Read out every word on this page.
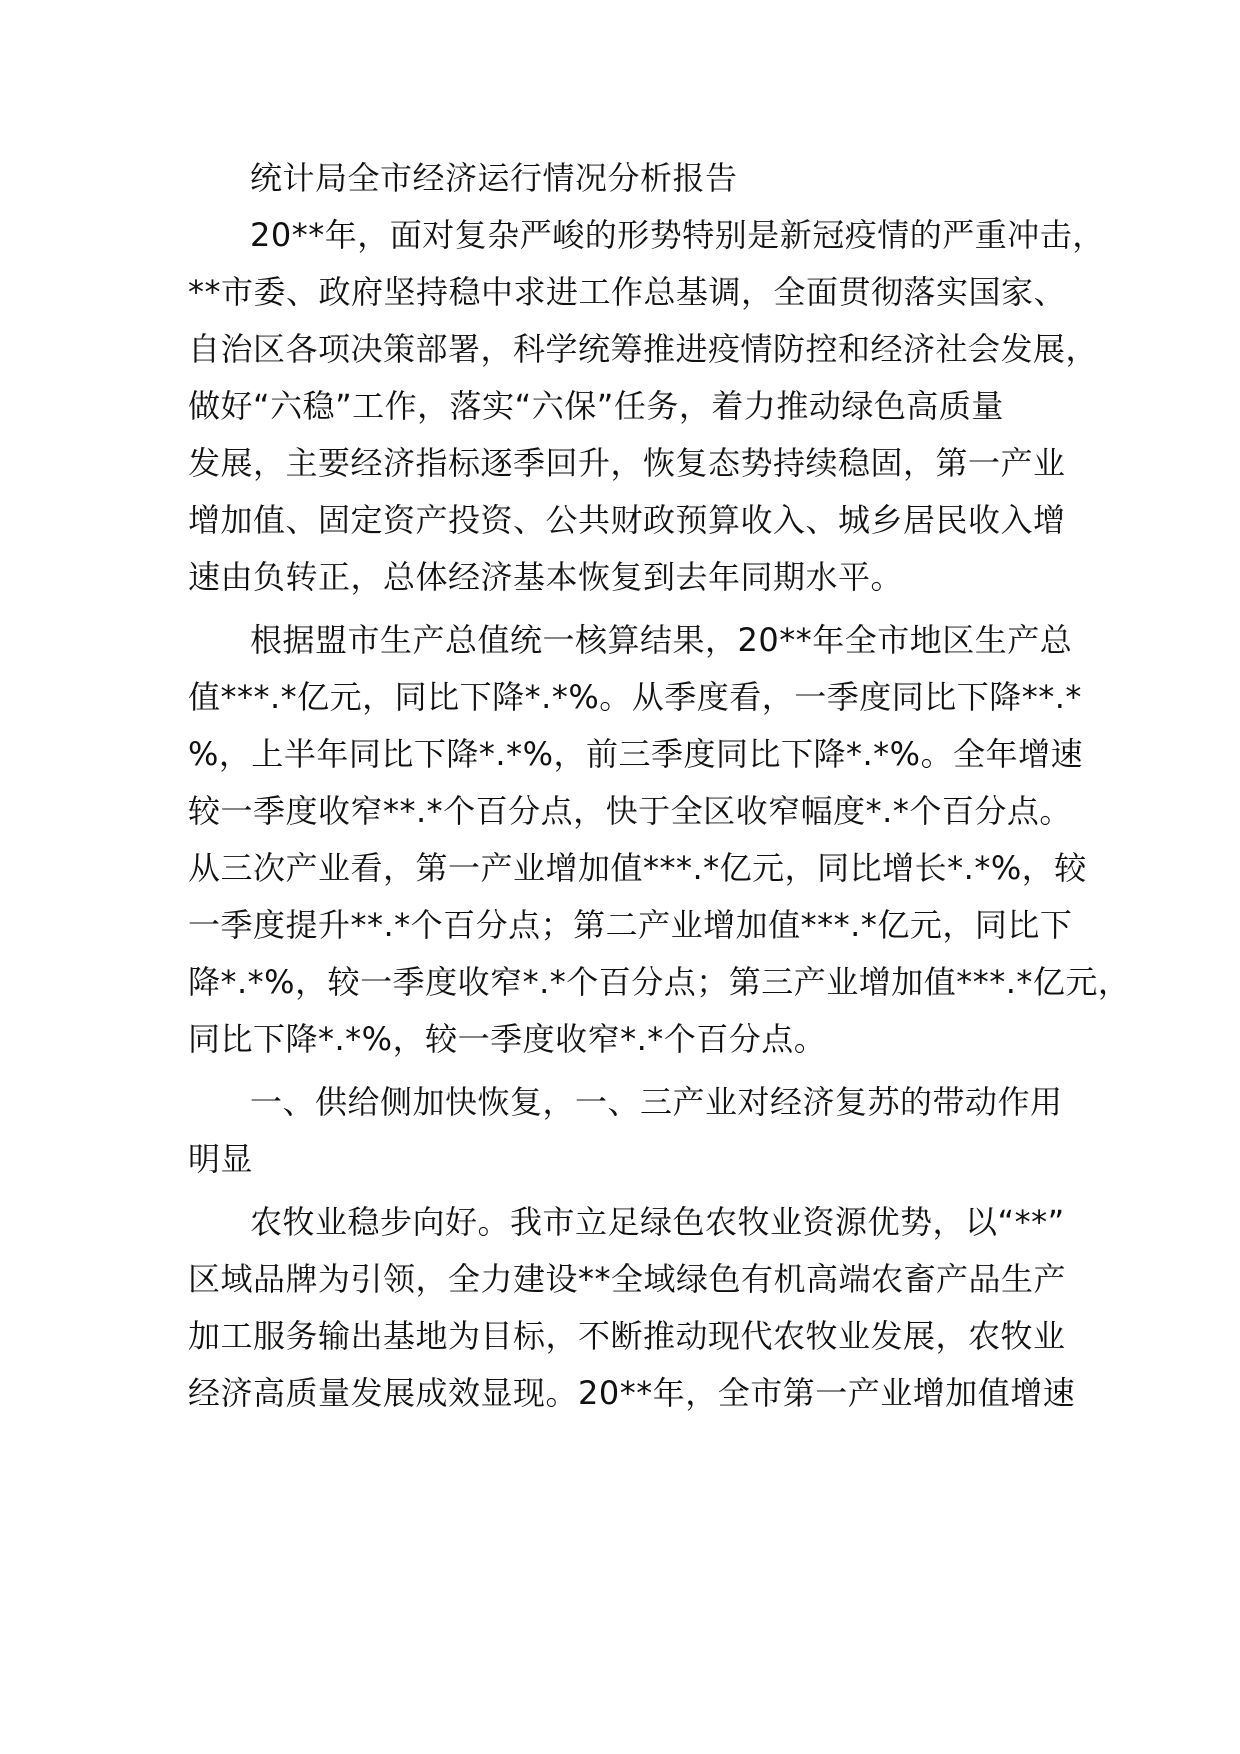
统计局全市经济运行情况分析报告

20**年，面对复杂严峻的形势特别是新冠疫情的严重冲击，

**市委、政府坚持稳中求进工作总基调，全面贯彻落实国家、

自治区各项决策部署，科学统筹推进疫情防控和经济社会发展，

做好“六稳”工作，落实“六保”任务，着力推动绿色高质量

发展，主要经济指标逐季回升，恢复态势持续稳固，第一产业

增加值、固定资产投资、公共财政预算收入、城乡居民收入增

速由负转正，总体经济基本恢复到去年同期水平。

根据盟市生产总值统一核算结果，20**年全市地区生产总

值***.*亿元，同比下降*.*%。从季度看，一季度同比下降**.*

%，上半年同比下降*.*%，前三季度同比下降*.*%。全年增速

较一季度收窄**.*个百分点，快于全区收窄幅度*.*个百分点。

从三次产业看，第一产业增加值***.*亿元，同比增长*.*%，较

一季度提升**.*个百分点；第二产业增加值***.*亿元，同比下

降*.*%，较一季度收窄*.*个百分点；第三产业增加值***.*亿元，

同比下降*.*%，较一季度收窄*.*个百分点。

一、供给侧加快恢复，一、三产业对经济复苏的带动作用

明显

农牧业稳步向好。我市立足绿色农牧业资源优势，以“**”

区域品牌为引领，全力建设**全域绿色有机高端农畜产品生产

加工服务输出基地为目标，不断推动现代农牧业发展，农牧业

经济高质量发展成效显现。20**年，全市第一产业增加值增速
